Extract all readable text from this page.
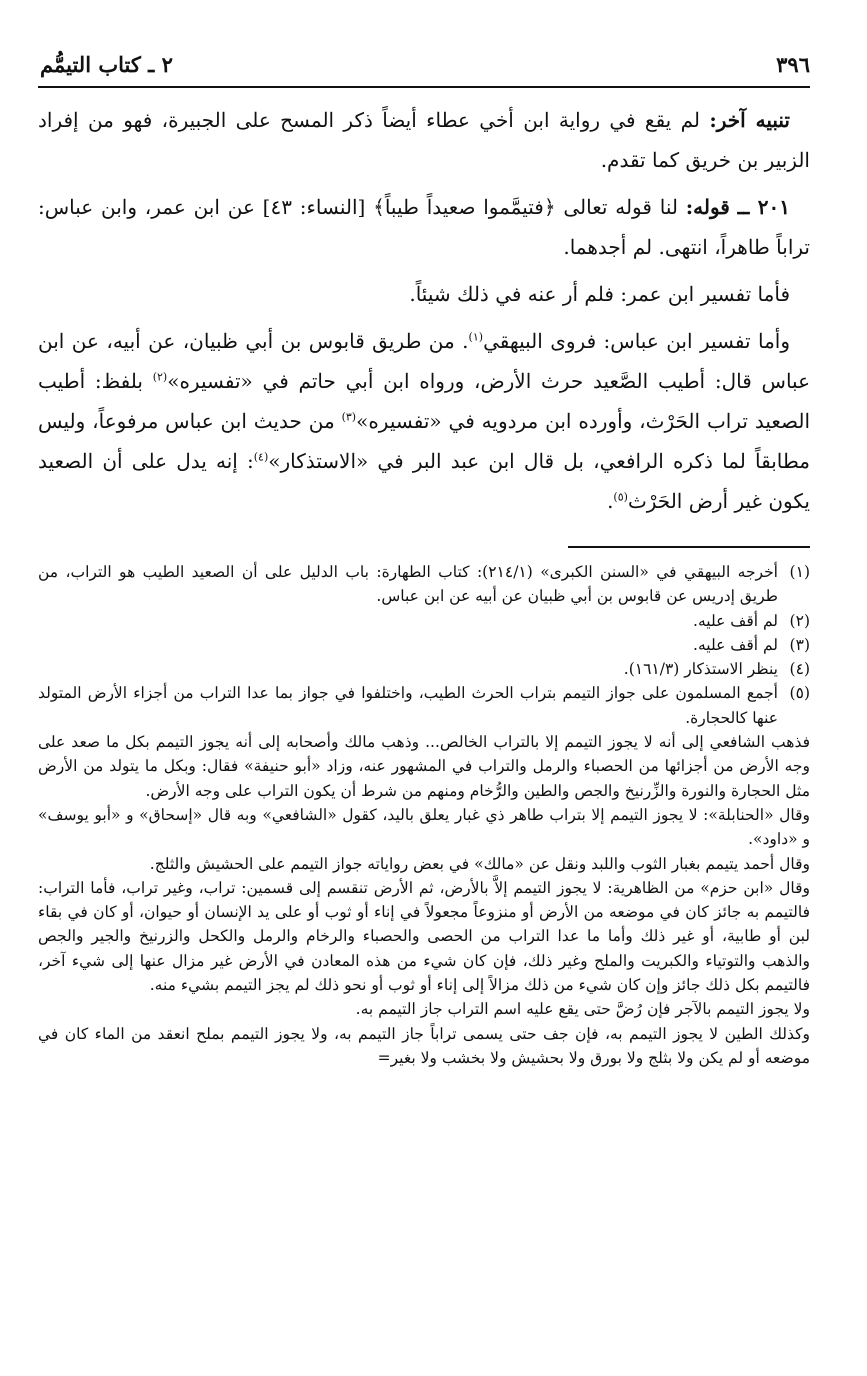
٣٩٦
٢ ـ كتاب التيمُّم

تنبيه آخر: لم يقع في رواية ابن أخي عطاء أيضاً ذكر المسح على الجبيرة، فهو من إفراد الزبير بن خريق كما تقدم.

٢٠١ ــ قوله: لنا قوله تعالى ﴿فتيمَّموا صعيداً طيباً﴾ [النساء: ٤٣] عن ابن عمر، وابن عباس: تراباً طاهراً، انتهى. لم أجدهما.

فأما تفسير ابن عمر: فلم أر عنه في ذلك شيئاً.

وأما تفسير ابن عباس: فروى البيهقي$^{(١)}$. من طريق قابوس بن أبي ظبيان، عن أبيه، عن ابن عباس قال: أطيب الصَّعيد حرث الأرض، ورواه ابن أبي حاتم في «تفسيره»$^{(٢)}$ بلفظ: أطيب الصعيد تراب الحَرْث، وأورده ابن مردويه في «تفسيره»$^{(٣)}$ من حديث ابن عباس مرفوعاً، وليس مطابقاً لما ذكره الرافعي، بل قال ابن عبد البر في «الاستذكار»$^{(٤)}$: إنه يدل على أن الصعيد يكون غير أرض الحَرْث$^{(٥)}$.

(١)
أخرجه البيهقي في «السنن الكبرى» (٢١٤/١): كتاب الطهارة: باب الدليل على أن الصعيد الطيب هو التراب، من طريق إدريس عن قابوس بن أبي ظبيان عن أبيه عن ابن عباس.
(٢)
لم أقف عليه.
(٣)
لم أقف عليه.
(٤)
ينظر الاستذكار (١٦١/٣).
(٥)
أجمع المسلمون على جواز التيمم بتراب الحرث الطيب، واختلفوا في جواز بما عدا التراب من أجزاء الأرض المتولد عنها كالحجارة.
فذهب الشافعي إلى أنه لا يجوز التيمم إلا بالتراب الخالص... وذهب مالك وأصحابه إلى أنه يجوز التيمم بكل ما صعد على وجه الأرض من أجزائها من الحصباء والرمل والتراب في المشهور عنه، وزاد «أبو حنيفة» فقال: وبكل ما يتولد من الأرض مثل الحجارة والنورة والزِّرنيخ والجص والطين والرُّخام ومنهم من شرط أن يكون التراب على وجه الأرض.
وقال «الحنابلة»: لا يجوز التيمم إلا بتراب طاهر ذي غبار يعلق باليد، كقول «الشافعي» وبه قال «إسحاق» و «أبو يوسف» و «داود».
وقال أحمد يتيمم بغبار الثوب واللبد ونقل عن «مالك» في بعض رواياته جواز التيمم على الحشيش والثلج.
وقال «ابن حزم» من الظاهرية: لا يجوز التيمم إلاَّ بالأرض، ثم الأرض تنقسم إلى قسمين: تراب، وغير تراب، فأما التراب: فالتيمم به جائز كان في موضعه من الأرض أو منزوعاً مجعولاً في إناء أو ثوب أو على يد الإنسان أو حيوان، أو كان في بقاء لبن أو طابية، أو غير ذلك وأما ما عدا التراب من الحصى والحصباء والرخام والرمل والكحل والزرنيخ والجير والجص والذهب والتوتياء والكبريت والملح وغير ذلك، فإن كان شيء من هذه المعادن في الأرض غير مزال عنها إلى شيء آخر، فالتيمم بكل ذلك جائز وإن كان شيء من ذلك مزالاً إلى إناء أو ثوب أو نحو ذلك لم يجز التيمم بشيء منه.
ولا يجوز التيمم بالآجر فإن رُضَّ حتى يقع عليه اسم التراب جاز التيمم به.
وكذلك الطين لا يجوز التيمم به، فإن جف حتى يسمى تراباً جاز التيمم به، ولا يجوز التيمم بملح انعقد من الماء كان في موضعه أو لم يكن ولا بثلج ولا بورق ولا بحشيش ولا بخشب ولا بغير=
